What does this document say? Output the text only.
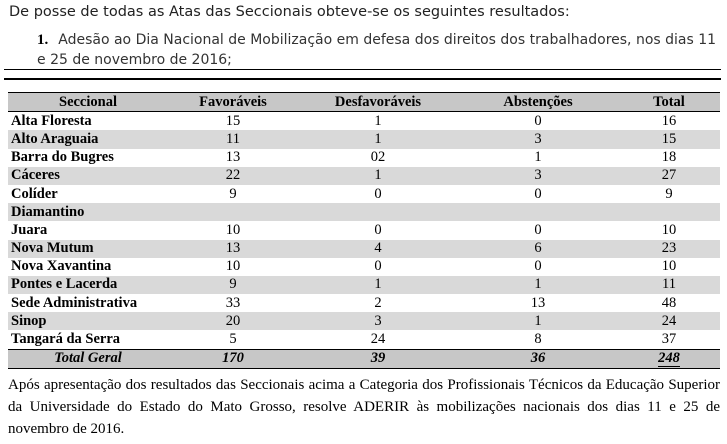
De posse de todas as Atas das Seccionais obteve-se os seguintes resultados:
1. Adesão ao Dia Nacional de Mobilização em defesa dos direitos dos trabalhadores, nos dias 11 e 25 de novembro de 2016;
Seccional	Favoráveis	Desfavoráveis	Abstenções	Total
Alta Floresta	15	1	0	16
Alto Araguaia	11	1	3	15
Barra do Bugres	13	02	1	18
Cáceres	22	1	3	27
Colíder	9	0	0	9
Diamantino				
Juara	10	0	0	10
Nova Mutum	13	4	6	23
Nova Xavantina	10	0	0	10
Pontes e Lacerda	9	1	1	11
Sede Administrativa	33	2	13	48
Sinop	20	3	1	24
Tangará da Serra	5	24	8	37
Total Geral	170	39	36	248

Após apresentação dos resultados das Seccionais acima a Categoria dos Profissionais Técnicos da Educação Superior da Universidade do Estado do Mato Grosso, resolve ADERIR às mobilizações nacionais dos dias 11 e 25 de novembro de 2016.
